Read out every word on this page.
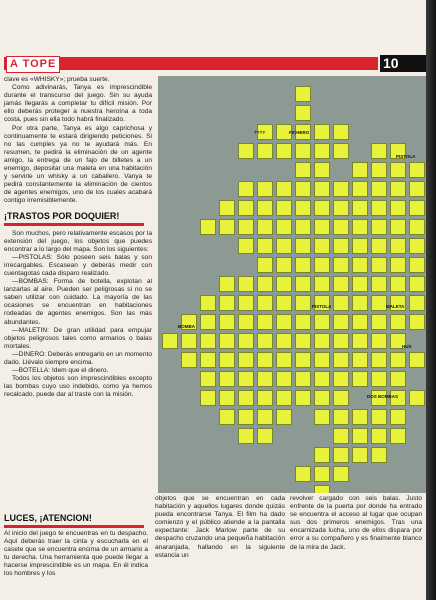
A TOPE	10

clave es «WHISKY»; prueba suerte.

Como adivinarás, Tanya es imprescindible durante el transcurso del juego. Sin su ayuda jamás llegarás a completar tu difícil misión. Por ello deberás proteger a nuestra heroína a toda costa, pues sin ella todo habrá finalizado.

Por otra parte, Tanya es algo caprichosa y continuamente te estará dirigiendo peticiones. Si no las cumples ya no te ayudará más. En resumen, te pedirá la eliminación de un agente amigo, la entrega de un fajo de billetes a un enemigo, depositar una maleta en una habitación y servirle un whisky a un caballero. Vanya te pedirá constantemente la eliminación de cientos de agentes enemigos, uno de los cuales acabará contigo irremisiblemente.

¡TRASTOS POR DOQUIER!

Son muchos, pero relativamente escasos por la extensión del juego, los objetos que puedes encontrar a lo largo del mapa. Son los siguientes:

—PISTOLAS: Sólo poseen seis balas y son irrecargables. Escasean y deberás medir con cuentagotas cada disparo realizado.

—BOMBAS: Forma de botella, explotan al lanzarlas al aire. Pueden ser peligrosas si no se saben utilizar con cuidado. La mayoría de las ocasiones se encuentran en habitaciones rodeadas de agentes enemigos. Son las más abundantes.

—MALETIN: De gran utilidad para empujar objetos peligrosos tales como armarios o balas mortales.

—DINERO: Deberás entregarlo en un momento dado. Llévalo siempre encima.

—BOTELLA: Idem que el dinero.

Todos los objetos son imprescindibles excepto las bombas cuyo uso indebido, como ya hemos recalcado, puede dar al traste con la misión.

LUCES, ¡ATENCION!

Al inicio del juego te encuentras en tu despacho. Aquí deberás traer la cinta y escucharla en el casete que se encuentra encima de un armario a tu derecha. Una herramienta que puede llegar a hacerse imprescindible es un mapa. En él indica los hombres y los

objetos que se encuentran en cada habitación y aquellos lugares donde quizás pueda encontrarse Tanya. El film ha dado comienzo y el público atiende a la pantalla expectante: Jack Marlow parte de su despacho cruzando una pequeña habitación anaranjada, hallando en la siguiente estancia un

revolver cargado con seis balas. Justo enfrente de la puerta por donde ha entrado se encuentra el acceso al lugar que ocupan sus dos primeros enemigos. Tras una encarnizada lucha, uno de ellos dispara por error a su compañero y es finalmente blanco de la mira de Jack.

????	FICHERO
PISTOLA
PISTOLA	MALETA
BOMBA
DOS BOMBAS
HUS
